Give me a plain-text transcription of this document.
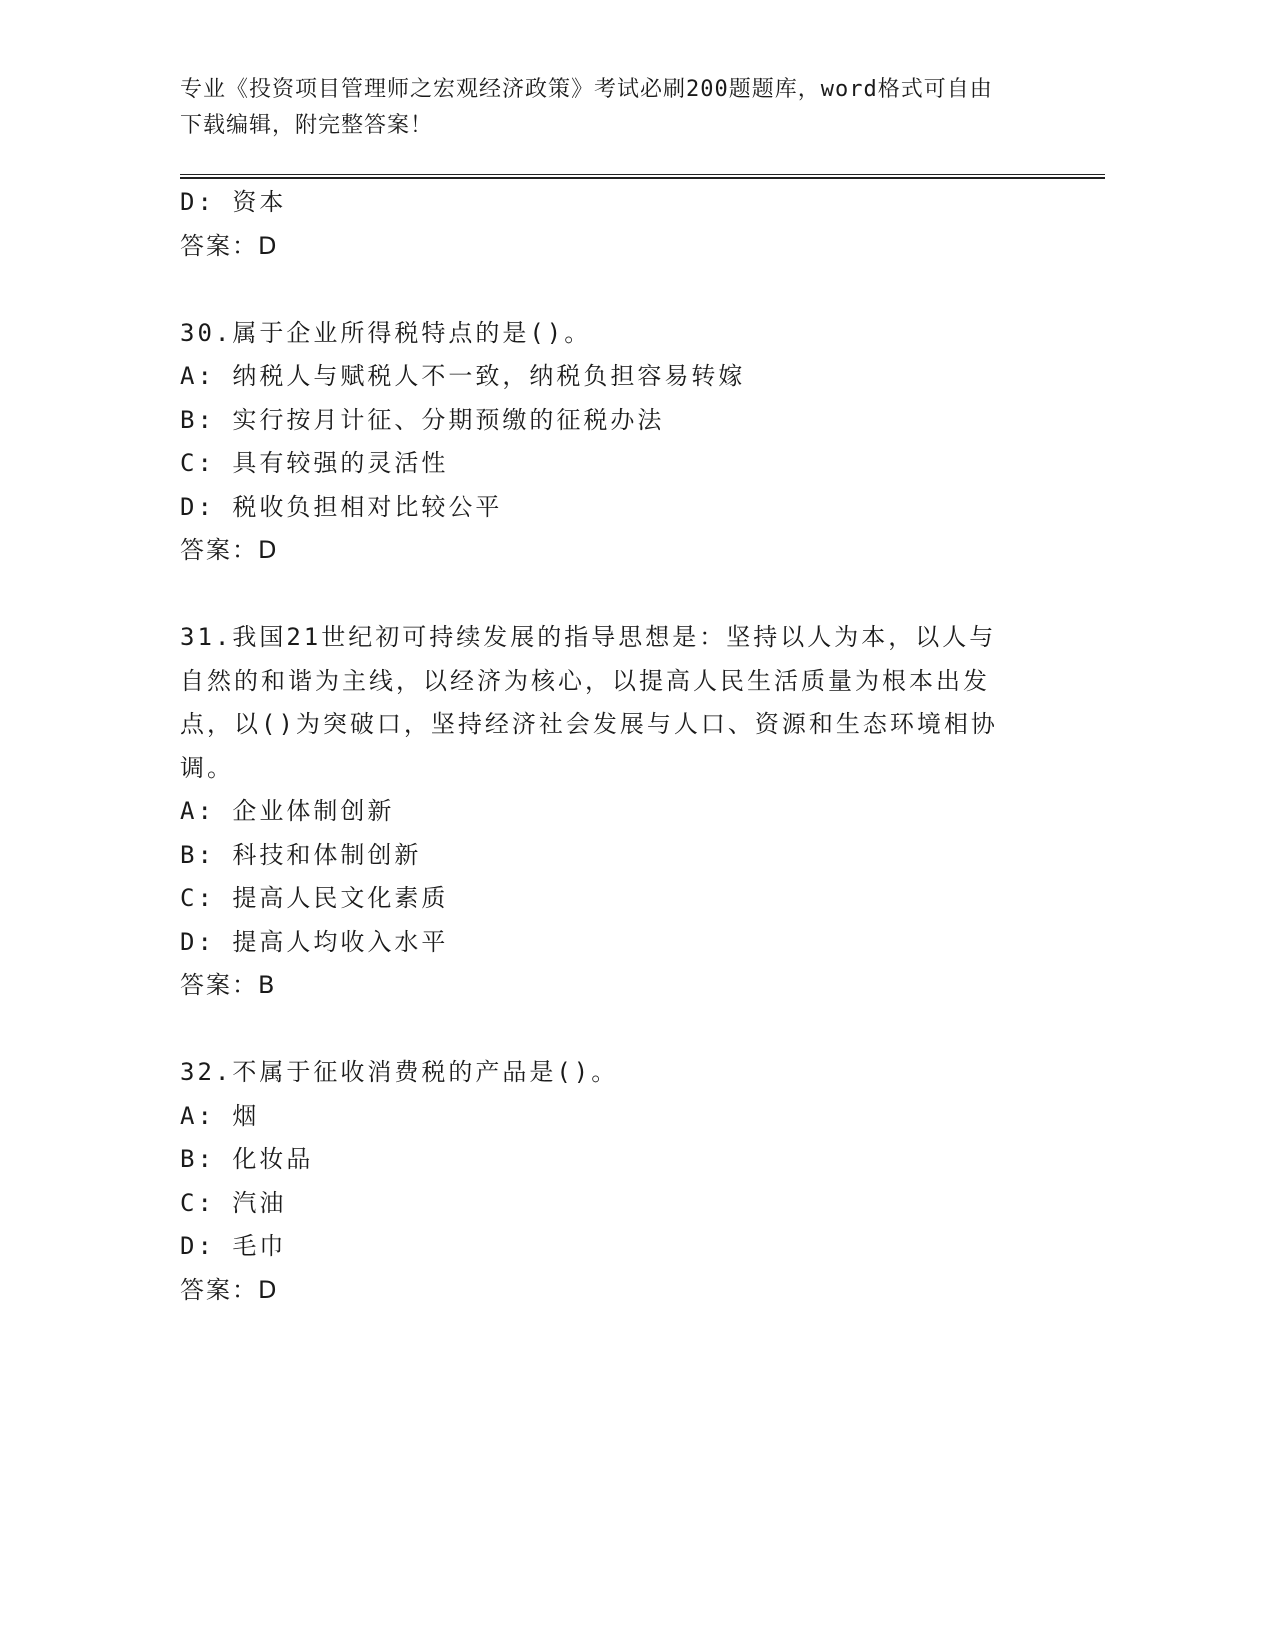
专业《投资项目管理师之宏观经济政策》考试必刷200题题库，word格式可自由
下载编辑，附完整答案！
D: 资本
答案：D
30.属于企业所得税特点的是()。
A: 纳税人与赋税人不一致，纳税负担容易转嫁
B: 实行按月计征、分期预缴的征税办法
C: 具有较强的灵活性
D: 税收负担相对比较公平
答案：D
31.我国21世纪初可持续发展的指导思想是：坚持以人为本，以人与
自然的和谐为主线，以经济为核心，以提高人民生活质量为根本出发
点，以()为突破口，坚持经济社会发展与人口、资源和生态环境相协
调。
A: 企业体制创新
B: 科技和体制创新
C: 提高人民文化素质
D: 提高人均收入水平
答案：B
32.不属于征收消费税的产品是()。
A: 烟
B: 化妆品
C: 汽油
D: 毛巾
答案：D
